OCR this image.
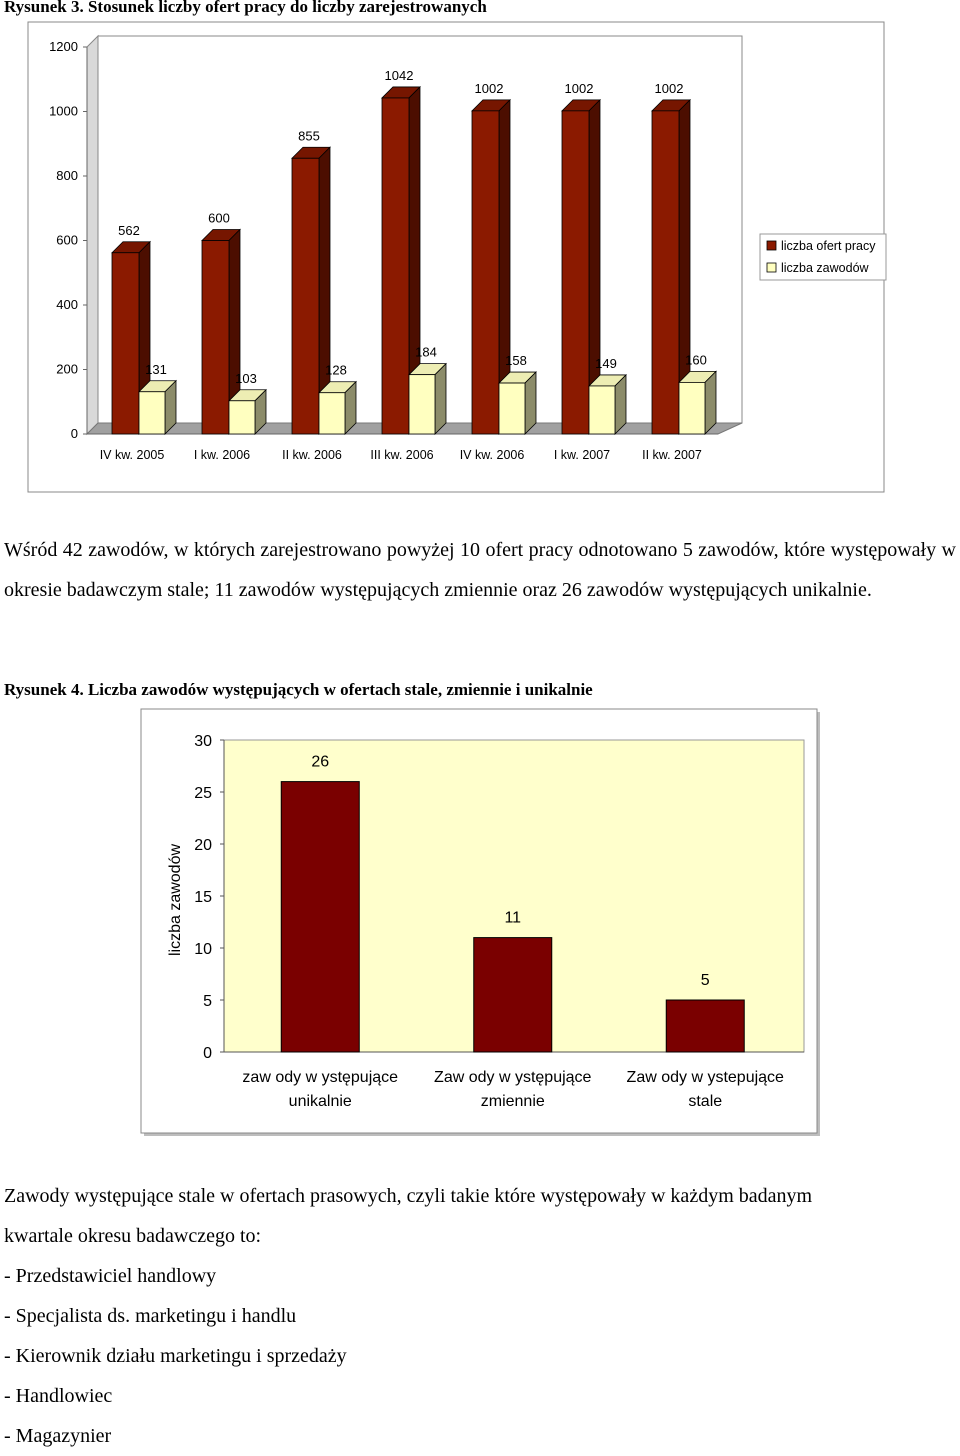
Rysunek 3. Stosunek liczby ofert pracy do liczby zarejestrowanych
0
200
400
600
800
1000
1200
562
131
600
103
855
128
1042
184
1002
158
1002
149
1002
160
IV kw. 2005 I kw. 2006	II kw. 2006 III kw. 2006 IV kw. 2006 I kw. 2007	II kw. 2007
liczba ofert pracy
liczba zawodów

Wśród 42 zawodów, w których zarejestrowano powyżej 10 ofert pracy odnotowano 5 zawodów, które występowały w okresie badawczym stale; 11 zawodów występujących zmiennie oraz 26 zawodów występujących unikalnie.

Rysunek 4. Liczba zawodów występujących w ofertach stale, zmiennie i unikalnie
liczba zawodów
0
5
10
15
20
25
30
26
11
5
zaw ody w ystępujące
unikalnie
Zaw ody w ystępujące
zmiennie
Zaw ody w ystepujące
stale
Zawody występujące stale w ofertach prasowych, czyli takie które występowały w każdym badanym
kwartale okresu badawczego to:
- Przedstawiciel handlowy
- Specjalista ds. marketingu i handlu
- Kierownik działu marketingu i sprzedaży
- Handlowiec
- Magazynier
